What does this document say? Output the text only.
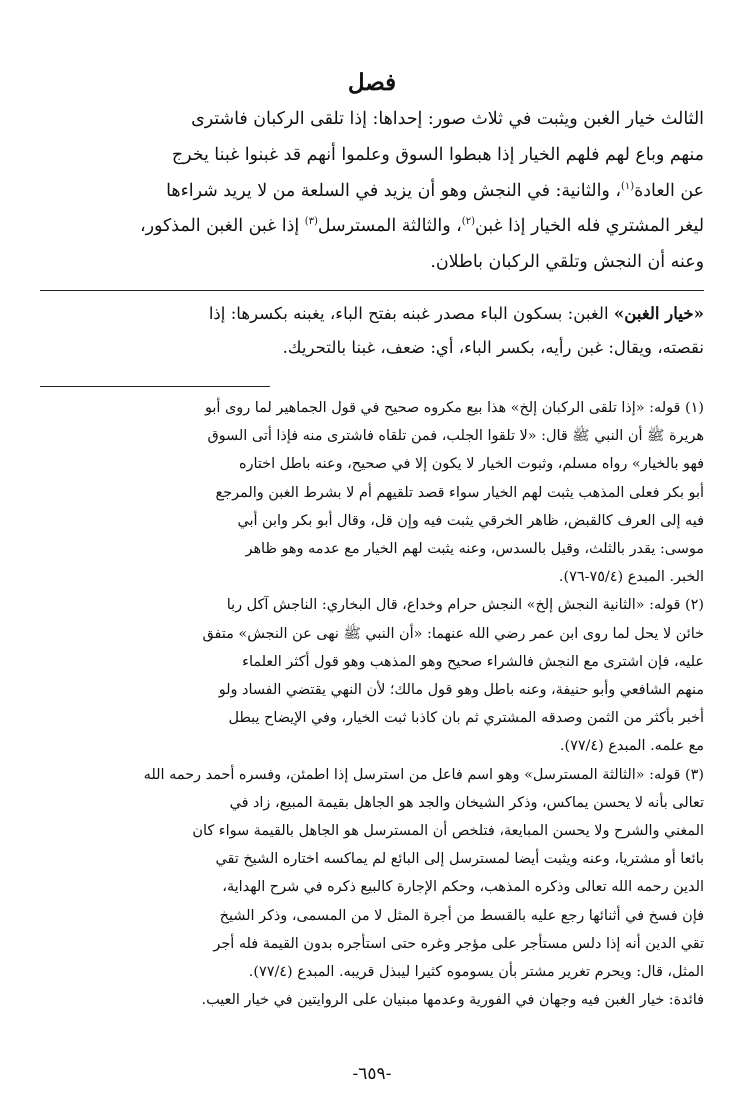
فصل

الثالث خيار الغبن ويثبت في ثلاث صور: إحداها: إذا تلقى الركبان فاشترى

منهم وباع لهم فلهم الخيار إذا هبطوا السوق وعلموا أنهم قد غبنوا غبنا يخرج

عن العادة$^{(١)}$، والثانية: في النجش وهو أن يزيد في السلعة من لا يريد شراءها

ليغر المشتري فله الخيار إذا غبن$^{(٢)}$، والثالثة المسترسل$^{(٣)}$ إذا غبن الغبن المذكور،

وعنه أن النجش وتلقي الركبان باطلان.

«خيار الغبن» الغبن: بسكون الباء مصدر غبنه بفتح الباء، يغبنه بكسرها: إذا

نقصته، ويقال: غبن رأيه، بكسر الباء، أي: ضعف، غبنا بالتحريك.

(١) قوله: «إذا تلقى الركبان إلخ» هذا بيع مكروه صحيح في قول الجماهير لما روى أبو

هريرة ﷺ أن النبي ﷺ قال: «لا تلقوا الجلب، فمن تلقاه فاشترى منه فإذا أتى السوق

فهو بالخيار» رواه مسلم، وثبوت الخيار لا يكون إلا في صحيح، وعنه باطل اختاره

أبو بكر فعلى المذهب يثبت لهم الخيار سواء قصد تلقيهم أم لا بشرط الغبن والمرجع

فيه إلى العرف كالقبض، ظاهر الخرقي يثبت فيه وإن قل، وقال أبو بكر وابن أبي

موسى: يقدر بالثلث، وقيل بالسدس، وعنه يثبت لهم الخيار مع عدمه وهو ظاهر

الخبر. المبدع (٧٥/٤-٧٦).

(٢) قوله: «الثانية النجش إلخ» النجش حرام وخداع، قال البخاري: الناجش آكل ربا

خائن لا يحل لما روى ابن عمر رضي الله عنهما: «أن النبي ﷺ نهى عن النجش» متفق

عليه، فإن اشترى مع النجش فالشراء صحيح وهو المذهب وهو قول أكثر العلماء

منهم الشافعي وأبو حنيفة، وعنه باطل وهو قول مالك؛ لأن النهي يقتضي الفساد ولو

أخبر بأكثر من الثمن وصدقه المشتري ثم بان كاذبا ثبت الخيار، وفي الإيضاح يبطل

مع علمه. المبدع (٧٧/٤).

(٣) قوله: «الثالثة المسترسل» وهو اسم فاعل من استرسل إذا اطمئن، وفسره أحمد رحمه الله

تعالى بأنه لا يحسن يماكس، وذكر الشيخان والجد هو الجاهل بقيمة المبيع، زاد في

المغني والشرح ولا يحسن المبايعة، فتلخص أن المسترسل هو الجاهل بالقيمة سواء كان

بائعا أو مشتريا، وعنه ويثبت أيضا لمسترسل إلى البائع لم يماكسه اختاره الشيخ تقي

الدين رحمه الله تعالى وذكره المذهب، وحكم الإجارة كالبيع ذكره في شرح الهداية،

فإن فسخ في أثنائها رجع عليه بالقسط من أجرة المثل لا من المسمى، وذكر الشيخ

تقي الدين أنه إذا دلس مستأجر على مؤجر وغره حتى استأجره بدون القيمة فله أجر

المثل، قال: ويحرم تغرير مشتر بأن يسوموه كثيرا ليبذل قريبه. المبدع (٧٧/٤).

فائدة: خيار الغبن فيه وجهان في الفورية وعدمها مبنيان على الروايتين في خيار العيب.

-٦٥٩-
